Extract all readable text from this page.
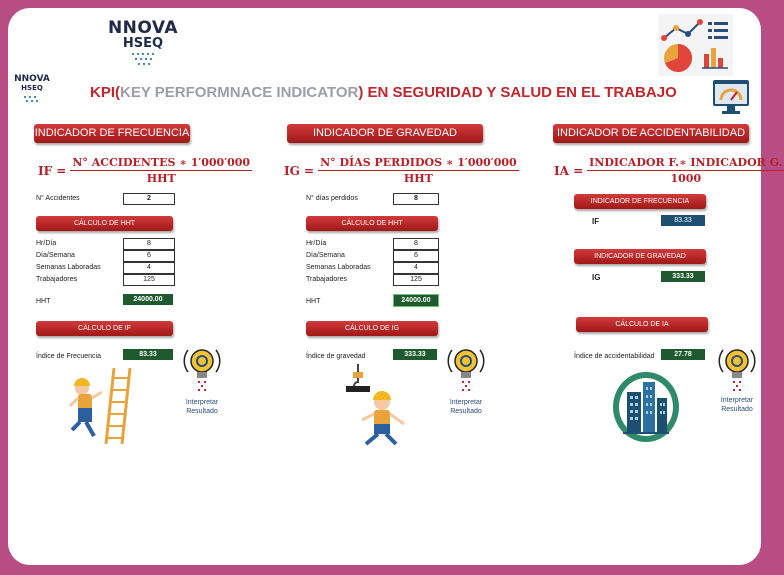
NNOVA
HSEQ
NNOVA
HSEQ	KPI(KEY PERFORMNACE INDICATOR) EN SEGURIDAD Y SALUD EN EL TRABAJO
INDICADOR DE FRECUENCIA
IF = $\frac{\text{N° ACCIDENTES ∗ 1′000′000}}{\text{HHT}}$
N° Accidentes	2
CÁLCULO DE HHT
Hr/Día	8
Día/Semana	6
Semanas Laboradas	4
Trabajadores	125
HHT	24000.00
CÁLCULO DE IF
Índice de Frecuencia	83.33
Interpretar
Resultado
INDICADOR DE GRAVEDAD
IG = $\frac{\text{N° DÍAS PERDIDOS ∗ 1′000′000}}{\text{HHT}}$
N° días perdidos	8
CÁLCULO DE HHT
Hr/Día	8
Día/Semana	6
Semanas Laboradas	4
Trabajadores	125
HHT	24000.00
CÁLCULO DE IG
Índice de gravedad	333.33
Interpretar
Resultado
INDICADOR DE ACCIDENTABILIDAD
IA = $\frac{\text{INDICADOR F.∗ INDICADOR G.}}{1000}$
INDICADOR DE FRECUENCIA
IF	83.33
INDICADOR DE GRAVEDAD
IG	333.33
CÁLCULO DE IA
Índice de accidentabilidad	27.78
Interpretar
Resultado
